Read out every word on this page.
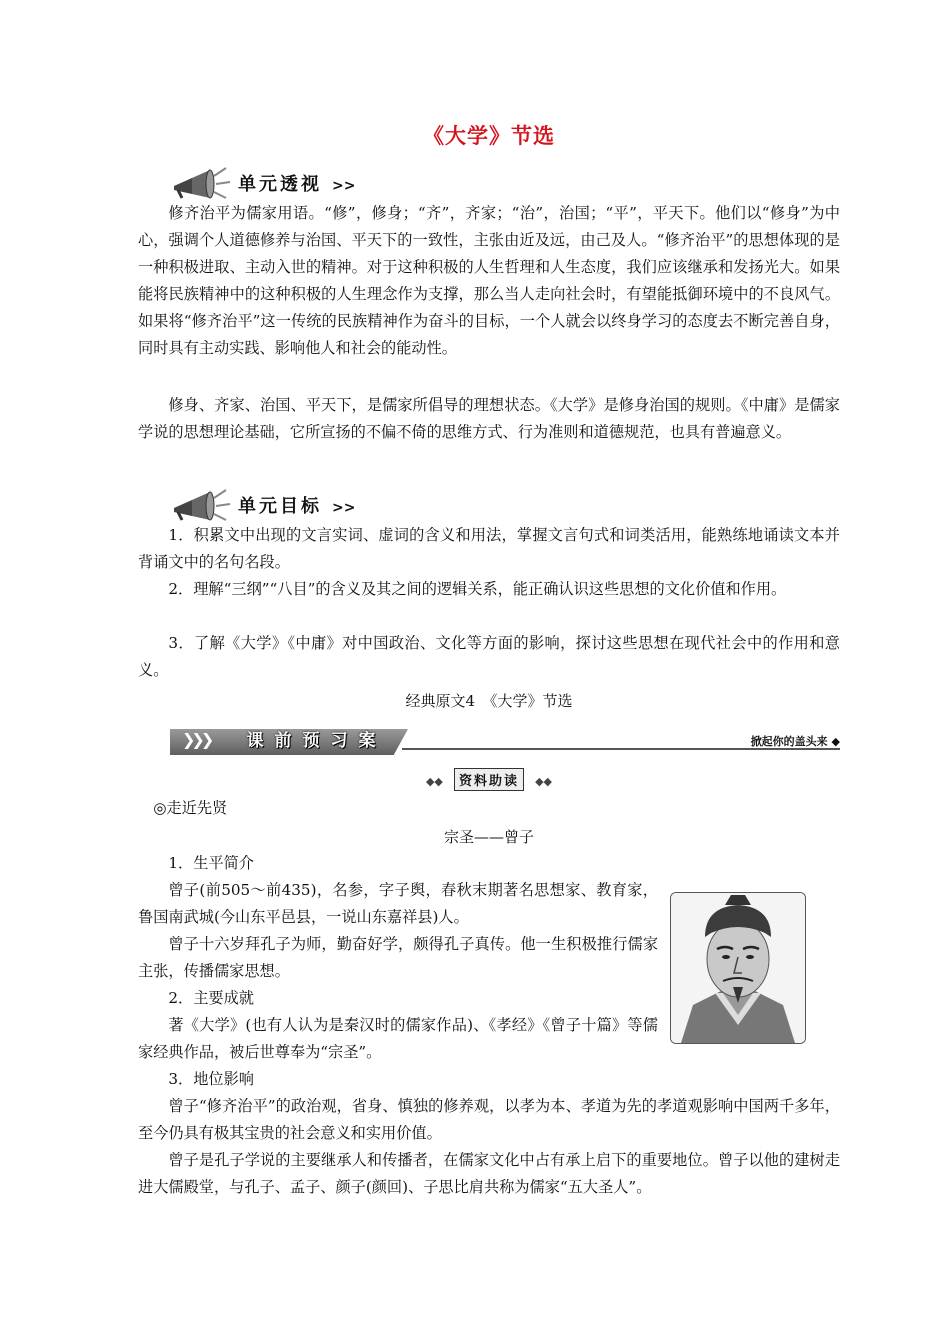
《大学》节选
单元透视 >>

修齐治平为儒家用语。“修”，修身；“齐”，齐家；“治”，治国；“平”，平天下。他们以“修身”为中心，强调个人道德修养与治国、平天下的一致性，主张由近及远，由己及人。“修齐治平”的思想体现的是一种积极进取、主动入世的精神。对于这种积极的人生哲理和人生态度，我们应该继承和发扬光大。如果能将民族精神中的这种积极的人生理念作为支撑，那么当人走向社会时，有望能抵御环境中的不良风气。如果将“修齐治平”这一传统的民族精神作为奋斗的目标，一个人就会以终身学习的态度去不断完善自身，同时具有主动实践、影响他人和社会的能动性。

修身、齐家、治国、平天下，是儒家所倡导的理想状态。《大学》是修身治国的规则。《中庸》是儒家学说的思想理论基础，它所宣扬的不偏不倚的思维方式、行为准则和道德规范，也具有普遍意义。

单元目标 >>

1．积累文中出现的文言实词、虚词的含义和用法，掌握文言句式和词类活用，能熟练地诵读文本并背诵文中的名句名段。

2．理解“三纲”“八目”的含义及其之间的逻辑关系，能正确认识这些思想的文化价值和作用。

3．了解《大学》《中庸》对中国政治、文化等方面的影响，探讨这些思想在现代社会中的作用和意义。

经典原文4　《大学》节选
❯❯❯ 课 前 预 习 案	掀起你的盖头来 ◆
◆◆ 资料助读 ◆◆

◎走近先贤

宗圣——曾子

1．生平简介

曾子(前505～前435)，名参，字子舆，春秋末期著名思想家、教育家，鲁国南武城(今山东平邑县，一说山东嘉祥县)人。

曾子十六岁拜孔子为师，勤奋好学，颇得孔子真传。他一生积极推行儒家主张，传播儒家思想。

2．主要成就

著《大学》(也有人认为是秦汉时的儒家作品)、《孝经》《曾子十篇》等儒家经典作品，被后世尊奉为“宗圣”。

3．地位影响

曾子“修齐治平”的政治观，省身、慎独的修养观，以孝为本、孝道为先的孝道观影响中国两千多年，至今仍具有极其宝贵的社会意义和实用价值。

曾子是孔子学说的主要继承人和传播者，在儒家文化中占有承上启下的重要地位。曾子以他的建树走进大儒殿堂，与孔子、孟子、颜子(颜回)、子思比肩共称为儒家“五大圣人”。
